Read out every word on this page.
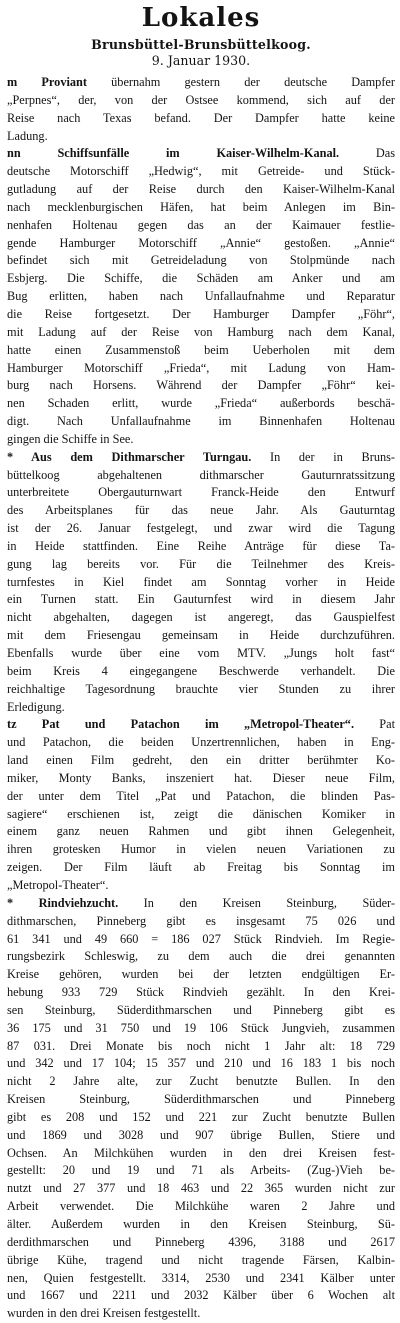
Lokales
Brunsbüttel-Brunsbüttelkoog.
9. Januar 1930.
m Proviant übernahm gestern der deutsche Dampfer
„Perpnes“, der, von der Ostsee kommend, sich auf der
Reise nach Texas befand. Der Dampfer hatte keine
Ladung.
nn Schiffsunfälle im Kaiser-Wilhelm-Kanal. Das
deutsche Motorschiff „Hedwig“, mit Getreide- und Stück-
gutladung auf der Reise durch den Kaiser-Wilhelm-Kanal
nach mecklenburgischen Häfen, hat beim Anlegen im Bin-
nenhafen Holtenau gegen das an der Kaimauer festlie-
gende Hamburger Motorschiff „Annie“ gestoßen. „Annie“
befindet sich mit Getreideladung von Stolpmünde nach
Esbjerg. Die Schiffe, die Schäden am Anker und am
Bug erlitten, haben nach Unfallaufnahme und Reparatur
die Reise fortgesetzt. Der Hamburger Dampfer „Föhr“,
mit Ladung auf der Reise von Hamburg nach dem Kanal,
hatte einen Zusammenstoß beim Ueberholen mit dem
Hamburger Motorschiff „Frieda“, mit Ladung von Ham-
burg nach Horsens. Während der Dampfer „Föhr“ kei-
nen Schaden erlitt, wurde „Frieda“ außerbords beschä-
digt. Nach Unfallaufnahme im Binnenhafen Holtenau
gingen die Schiffe in See.
* Aus dem Dithmarscher Turngau. In der in Bruns-
büttelkoog abgehaltenen dithmarscher Gauturnratssitzung
unterbreitete Obergauturnwart Franck-Heide den Entwurf
des Arbeitsplanes für das neue Jahr. Als Gauturntag
ist der 26. Januar festgelegt, und zwar wird die Tagung
in Heide stattfinden. Eine Reihe Anträge für diese Ta-
gung lag bereits vor. Für die Teilnehmer des Kreis-
turnfestes in Kiel findet am Sonntag vorher in Heide
ein Turnen statt. Ein Gauturnfest wird in diesem Jahr
nicht abgehalten, dagegen ist angeregt, das Gauspielfest
mit dem Friesengau gemeinsam in Heide durchzuführen.
Ebenfalls wurde über eine vom MTV. „Jungs holt fast“
beim Kreis 4 eingegangene Beschwerde verhandelt. Die
reichhaltige Tagesordnung brauchte vier Stunden zu ihrer
Erledigung.
tz Pat und Patachon im „Metropol-Theater“. Pat
und Patachon, die beiden Unzertrennlichen, haben in Eng-
land einen Film gedreht, den ein dritter berühmter Ko-
miker, Monty Banks, inszeniert hat. Dieser neue Film,
der unter dem Titel „Pat und Patachon, die blinden Pas-
sagiere“ erschienen ist, zeigt die dänischen Komiker in
einem ganz neuen Rahmen und gibt ihnen Gelegenheit,
ihren grotesken Humor in vielen neuen Variationen zu
zeigen. Der Film läuft ab Freitag bis Sonntag im
„Metropol-Theater“.
* Rindviehzucht. In den Kreisen Steinburg, Süder-
dithmarschen, Pinneberg gibt es insgesamt 75 026 und
61 341 und 49 660 = 186 027 Stück Rindvieh. Im Regie-
rungsbezirk Schleswig, zu dem auch die drei genannten
Kreise gehören, wurden bei der letzten endgültigen Er-
hebung 933 729 Stück Rindvieh gezählt. In den Krei-
sen Steinburg, Süderdithmarschen und Pinneberg gibt es
36 175 und 31 750 und 19 106 Stück Jungvieh, zusammen
87 031. Drei Monate bis noch nicht 1 Jahr alt: 18 729
und 342 und 17 104; 15 357 und 210 und 16 183 1 bis noch
nicht 2 Jahre alte, zur Zucht benutzte Bullen. In den
Kreisen Steinburg, Süderdithmarschen und Pinneberg
gibt es 208 und 152 und 221 zur Zucht benutzte Bullen
und 1869 und 3028 und 907 übrige Bullen, Stiere und
Ochsen. An Milchkühen wurden in den drei Kreisen fest-
gestellt: 20 und 19 und 71 als Arbeits- (Zug-)Vieh be-
nutzt und 27 377 und 18 463 und 22 365 wurden nicht zur
Arbeit verwendet. Die Milchkühe waren 2 Jahre und
älter. Außerdem wurden in den Kreisen Steinburg, Sü-
derdithmarschen und Pinneberg 4396, 3188 und 2617
übrige Kühe, tragend und nicht tragende Färsen, Kalbin-
nen, Quien festgestellt. 3314, 2530 und 2341 Kälber unter
und 1667 und 2211 und 2032 Kälber über 6 Wochen alt
wurden in den drei Kreisen festgestellt.
